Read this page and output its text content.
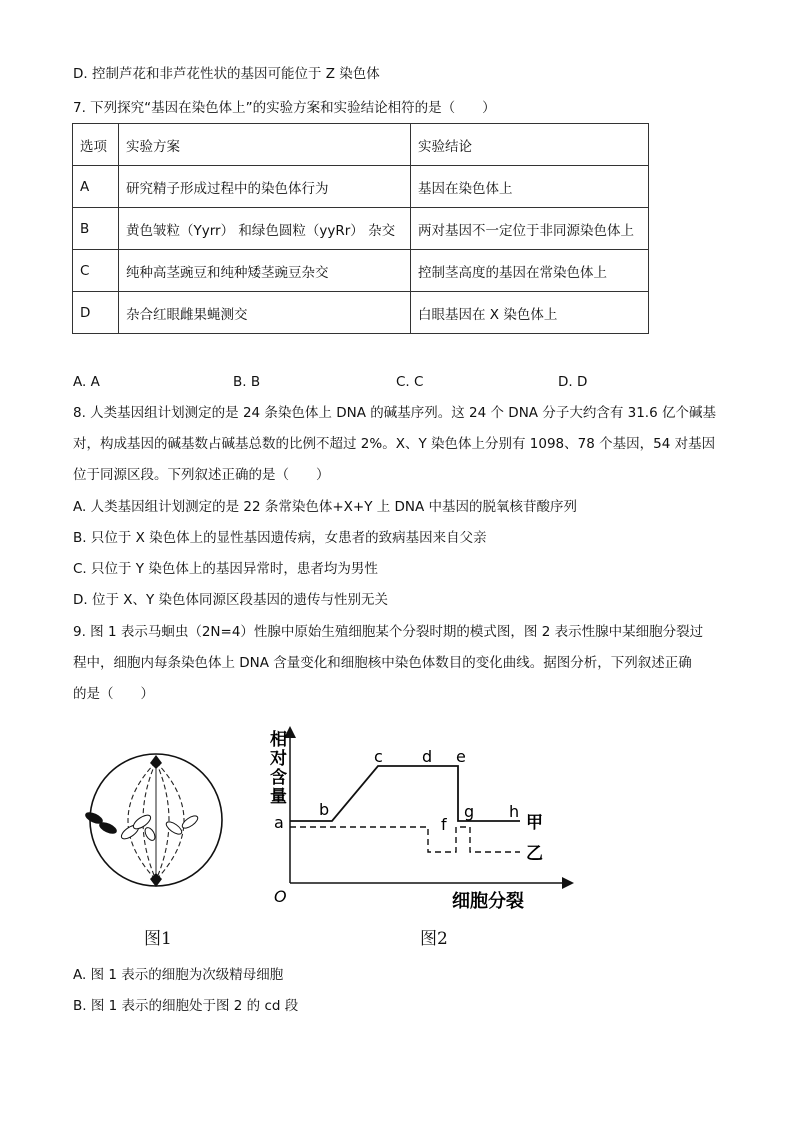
D. 控制芦花和非芦花性状的基因可能位于 Z 染色体
7. 下列探究“基因在染色体上”的实验方案和实验结论相符的是（　　）
选项	实验方案	实验结论
A	研究精子形成过程中的染色体行为	基因在染色体上
B	黄色皱粒（Yyrr） 和绿色圆粒（yyRr） 杂交	两对基因不一定位于非同源染色体上
C	纯种高茎豌豆和纯种矮茎豌豆杂交	控制茎高度的基因在常染色体上
D	杂合红眼雌果蝇测交	白眼基因在 X 染色体上
A. A	B. B	C. C	D. D
8. 人类基因组计划测定的是 24 条染色体上 DNA 的碱基序列。这 24 个 DNA 分子大约含有 31.6 亿个碱基
对，构成基因的碱基数占碱基总数的比例不超过 2%。X、Y 染色体上分别有 1098、78 个基因，54 对基因
位于同源区段。下列叙述正确的是（　　）
A. 人类基因组计划测定的是 22 条常染色体+X+Y 上 DNA 中基因的脱氧核苷酸序列
B. 只位于 X 染色体上的显性基因遗传病，女患者的致病基因来自父亲
C. 只位于 Y 染色体上的基因异常时，患者均为男性
D. 位于 X、Y 染色体同源区段基因的遗传与性别无关
9. 图 1 表示马蛔虫（2N=4）性腺中原始生殖细胞某个分裂时期的模式图，图 2 表示性腺中某细胞分裂过
程中，细胞内每条染色体上 DNA 含量变化和细胞核中染色体数目的变化曲线。据图分析，下列叙述正确
的是（　　）
图1
相
对
含
量
细胞分裂
O
a
b
c d e
f
g h
甲
乙
图2
A. 图 1 表示的细胞为次级精母细胞
B. 图 1 表示的细胞处于图 2 的 cd 段
